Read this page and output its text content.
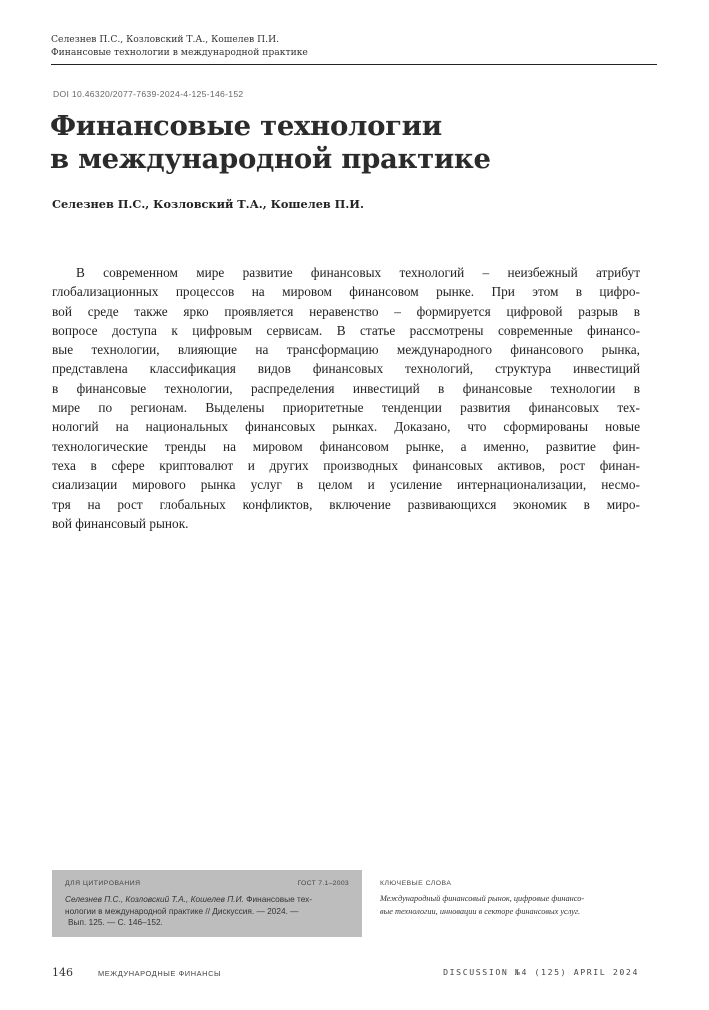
Селезнев П.С., Козловский Т.А., Кошелев П.И.
Финансовые технологии в международной практике
DOI 10.46320/2077-7639-2024-4-125-146-152
Финансовые технологии
в международной практике
Селезнев П.С., Козловский Т.А., Кошелев П.И.
В современном мире развитие финансовых технологий – неизбежный атрибут
глобализационных процессов на мировом финансовом рынке. При этом в цифро-
вой среде также ярко проявляется неравенство – формируется цифровой разрыв в
вопросе доступа к цифровым сервисам. В статье рассмотрены современные финансо-
вые технологии, влияющие на трансформацию международного финансового рынка,
представлена классификация видов финансовых технологий, структура инвестиций
в финансовые технологии, распределения инвестиций в финансовые технологии в
мире по регионам. Выделены приоритетные тенденции развития финансовых тех-
нологий на национальных финансовых рынках. Доказано, что сформированы новые
технологические тренды на мировом финансовом рынке, а именно, развитие фин-
теха в сфере криптовалют и других производных финансовых активов, рост финан-
сиализации мирового рынка услуг в целом и усиление интернационализации, несмо-
тря на рост глобальных конфликтов, включение развивающихся экономик в миро-
вой финансовый рынок.
ДЛЯ ЦИТИРОВАНИЯ	ГОСТ 7.1–2003
Селезнев П.С., Козловский Т.А., Кошелев П.И. Финансовые тех-
нологии в международной практике // Дискуссия. — 2024. —
Вып. 125. — С. 146–152.
КЛЮЧЕВЫЕ СЛОВА
Международный финансовый рынок, цифровые финансо-
вые технологии, инновации в секторе финансовых услуг.
146	МЕЖДУНАРОДНЫЕ ФИНАНСЫ	DISCUSSION №4 (125) APRIL 2024
